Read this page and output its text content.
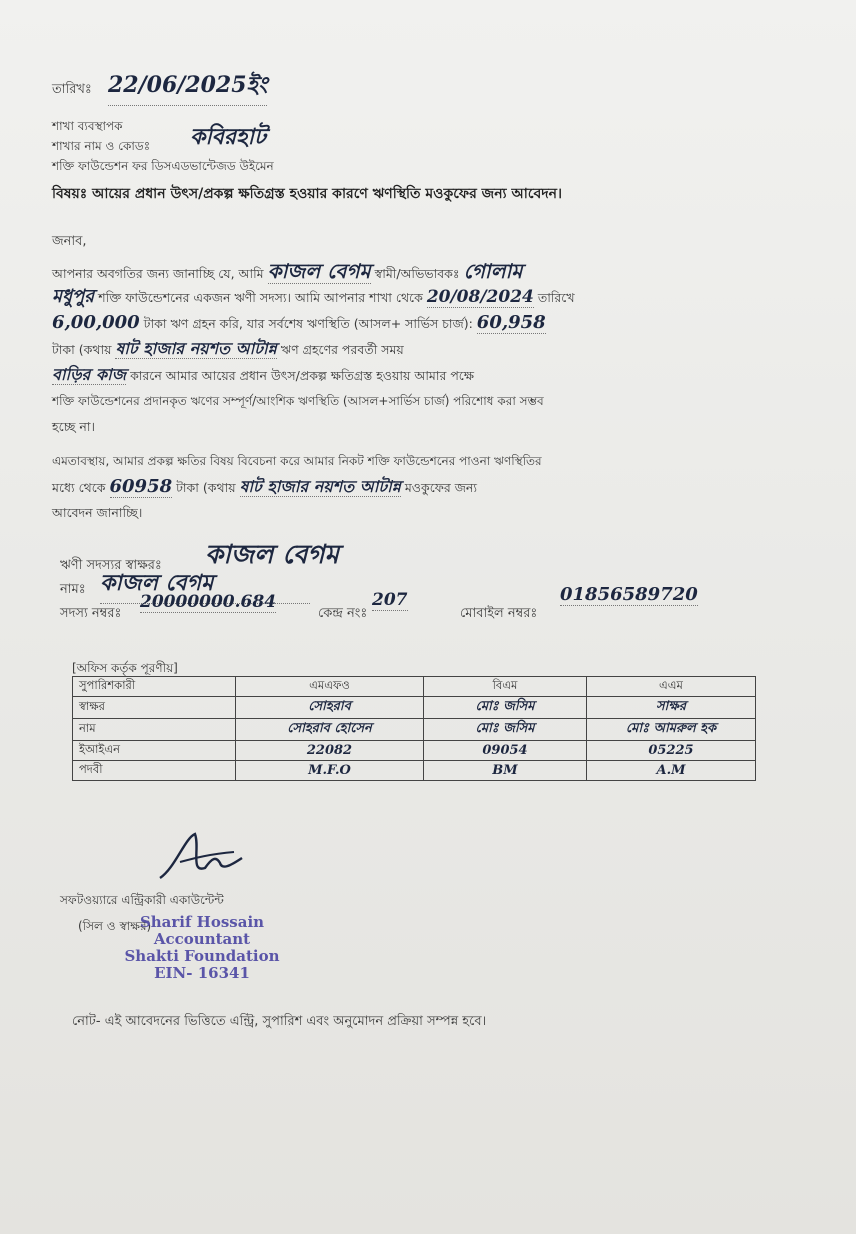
তারিখঃ 22/06/2025ইং
শাখা ব্যবস্থাপক
শাখার নাম ও কোডঃ কবিরহাট
শক্তি ফাউন্ডেশন ফর ডিসএডভান্টেজড উইমেন
বিষয়ঃ আয়ের প্রধান উৎস/প্রকল্প ক্ষতিগ্রস্ত হওয়ার কারণে ঋণস্থিতি মওকুফের জন্য আবেদন।
জনাব,
আপনার অবগতির জন্য জানাচ্ছি যে, আমি কাজল বেগম স্বামী/অভিভাবকঃ গোলাম
মধুপুর শক্তি ফাউন্ডেশনের একজন ঋণী সদস্য। আমি আপনার শাখা থেকে 20/08/2024 তারিখে
6,00,000 টাকা ঋণ গ্রহন করি, যার সর্বশেষ ঋণস্থিতি (আসল+ সার্ভিস চার্জ): 60,958
টাকা (কথায় ষাট হাজার নয়শত আটান্ন ঋণ গ্রহণের পরবর্তী সময়
বাড়ির কাজ কারনে আমার আয়ের প্রধান উৎস/প্রকল্প ক্ষতিগ্রস্ত হওয়ায় আমার পক্ষে
শক্তি ফাউন্ডেশনের প্রদানকৃত ঋণের সম্পূর্ণ/আংশিক ঋণস্থিতি (আসল+সার্ভিস চার্জ) পরিশোধ করা সম্ভব
হচ্ছে না।
এমতাবস্থায়, আমার প্রকল্প ক্ষতির বিষয় বিবেচনা করে আমার নিকট শক্তি ফাউন্ডেশনের পাওনা ঋণস্থিতির
মধ্যে থেকে 60958 টাকা (কথায় ষাট হাজার নয়শত আটান্ন মওকুফের জন্য
আবেদন জানাচ্ছি।
ঋণী সদস্যর স্বাক্ষরঃ কাজল বেগম
নামঃ কাজল বেগম
সদস্য নম্বরঃ
20000000.684
কেন্দ্র নংঃ
207
মোবাইল নম্বরঃ
01856589720
[অফিস কর্তৃক পূরণীয়]
সুপারিশকারী	এমএফও	বিএম	এএম
স্বাক্ষর	সোহরাব	মোঃ জসিম	সাক্ষর
নাম	সোহরাব হোসেন	মোঃ জসিম	মোঃ আমরুল হক
ইআইএন	22082	09054	05225
পদবী	M.F.O	BM	A.M
সফটওয়্যারে এন্ট্রিকারী একাউন্টেন্ট
(সিল ও স্বাক্ষর)
Sharif Hossain
Accountant
Shakti Foundation
EIN- 16341
নোট- এই আবেদনের ভিত্তিতে এন্ট্রি, সুপারিশ এবং অনুমোদন প্রক্রিয়া সম্পন্ন হবে।
